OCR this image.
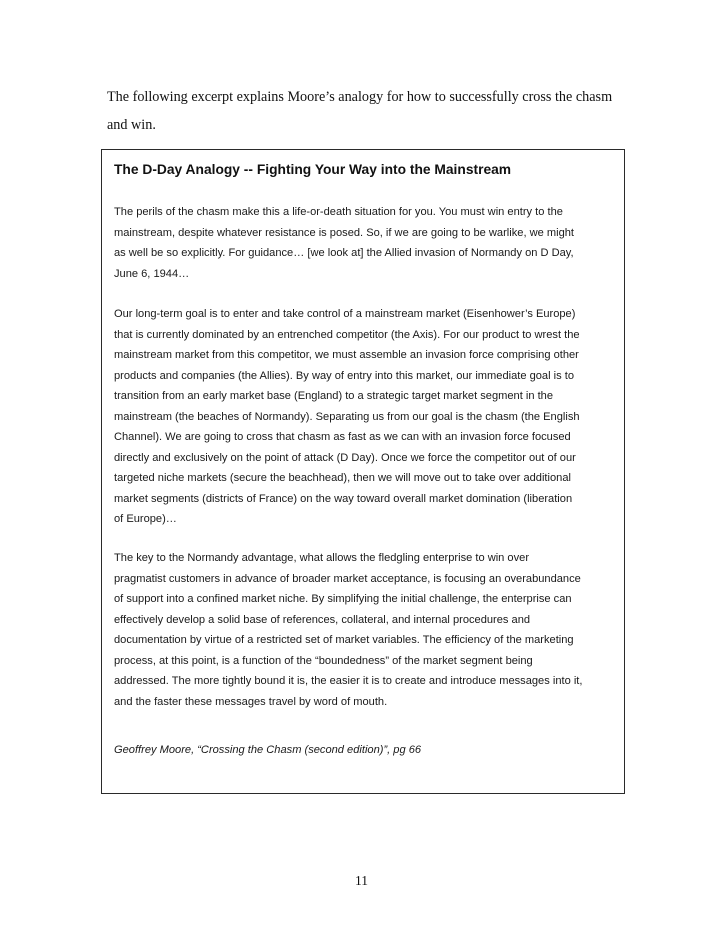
The following excerpt explains Moore’s analogy for how to successfully cross the chasm
and win.
The D-Day Analogy -- Fighting Your Way into the Mainstream
The perils of the chasm make this a life-or-death situation for you. You must win entry to the
mainstream, despite whatever resistance is posed. So, if we are going to be warlike, we might
as well be so explicitly. For guidance… [we look at] the Allied invasion of Normandy on D Day,
June 6, 1944…
Our long-term goal is to enter and take control of a mainstream market (Eisenhower’s Europe)
that is currently dominated by an entrenched competitor (the Axis). For our product to wrest the
mainstream market from this competitor, we must assemble an invasion force comprising other
products and companies (the Allies). By way of entry into this market, our immediate goal is to
transition from an early market base (England) to a strategic target market segment in the
mainstream (the beaches of Normandy). Separating us from our goal is the chasm (the English
Channel). We are going to cross that chasm as fast as we can with an invasion force focused
directly and exclusively on the point of attack (D Day). Once we force the competitor out of our
targeted niche markets (secure the beachhead), then we will move out to take over additional
market segments (districts of France) on the way toward overall market domination (liberation
of Europe)…
The key to the Normandy advantage, what allows the fledgling enterprise to win over
pragmatist customers in advance of broader market acceptance, is focusing an overabundance
of support into a confined market niche. By simplifying the initial challenge, the enterprise can
effectively develop a solid base of references, collateral, and internal procedures and
documentation by virtue of a restricted set of market variables. The efficiency of the marketing
process, at this point, is a function of the “boundedness” of the market segment being
addressed. The more tightly bound it is, the easier it is to create and introduce messages into it,
and the faster these messages travel by word of mouth.
Geoffrey Moore, “Crossing the Chasm (second edition)”, pg 66
11
